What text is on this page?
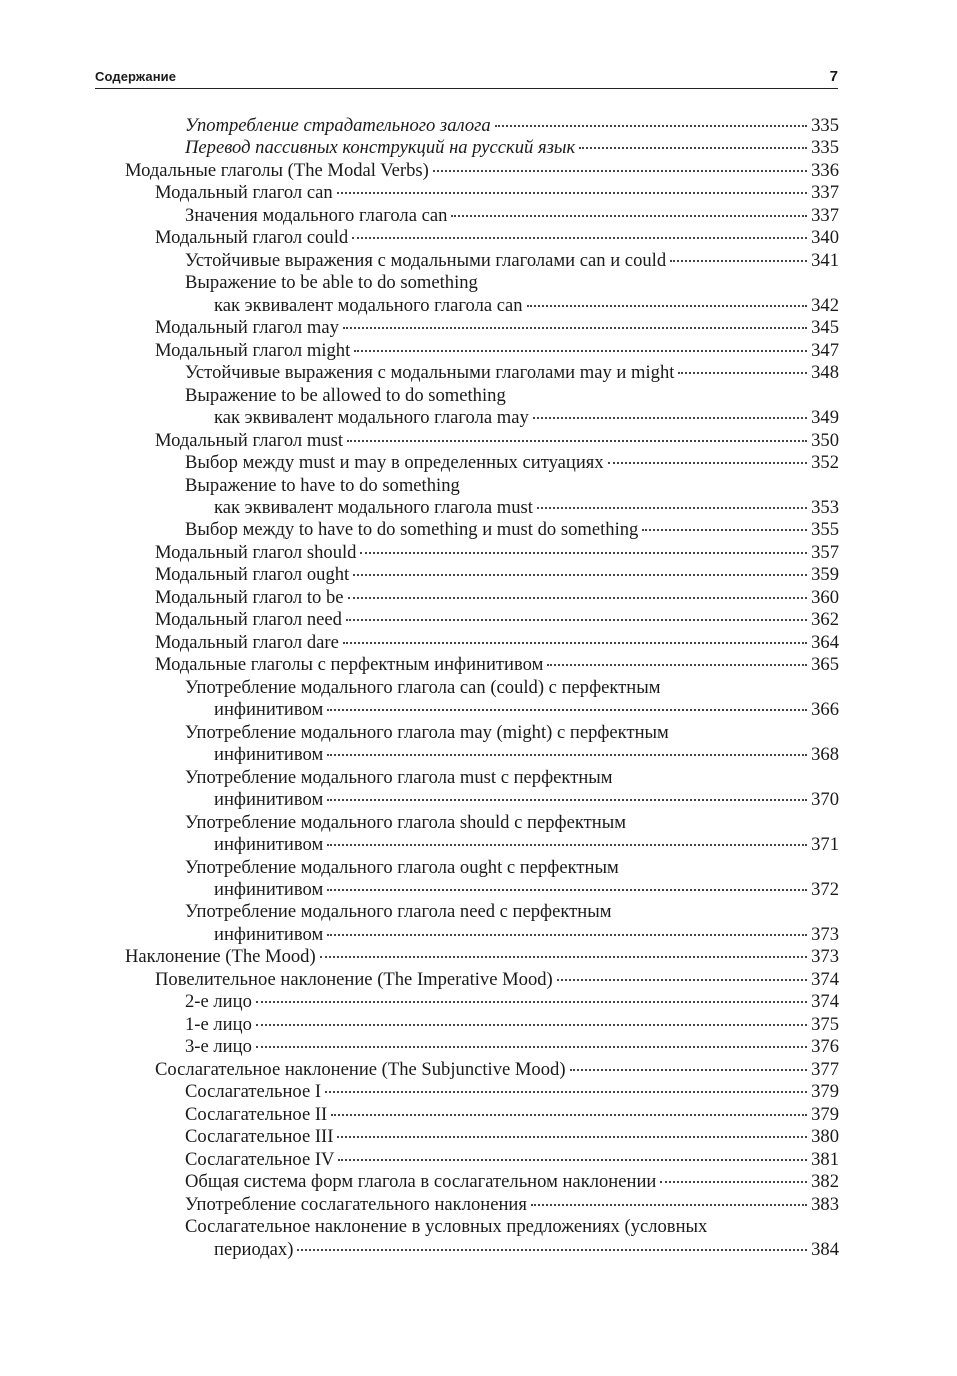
Содержание	7
Употребление страдательного залога	335
Перевод пассивных конструкций на русский язык	335
Модальные глаголы (The Modal Verbs)	336
Модальный глагол can	337
Значения модального глагола can	337
Модальный глагол could	340
Устойчивые выражения с модальными глаголами can и could	341
Выражение to be able to do something
как эквивалент модального глагола can	342
Модальный глагол may	345
Модальный глагол might	347
Устойчивые выражения с модальными глаголами may и might	348
Выражение to be allowed to do something
как эквивалент модального глагола may	349
Модальный глагол must	350
Выбор между must и may в определенных ситуациях	352
Выражение to have to do something
как эквивалент модального глагола must	353
Выбор между to have to do something и must do something	355
Модальный глагол should	357
Модальный глагол ought	359
Модальный глагол to be	360
Модальный глагол need	362
Модальный глагол dare	364
Модальные глаголы с перфектным инфинитивом	365
Употребление модального глагола can (could) с перфектным
инфинитивом	366
Употребление модального глагола may (might) с перфектным
инфинитивом	368
Употребление модального глагола must с перфектным
инфинитивом	370
Употребление модального глагола should с перфектным
инфинитивом	371
Употребление модального глагола ought с перфектным
инфинитивом	372
Употребление модального глагола need с перфектным
инфинитивом	373
Наклонение (The Mood)	373
Повелительное наклонение (The Imperative Mood)	374
2-е лицо	374
1-е лицо	375
3-е лицо	376
Сослагательное наклонение (The Subjunctive Mood)	377
Сослагательное I	379
Сослагательное II	379
Сослагательное III	380
Сослагательное IV	381
Общая система форм глагола в сослагательном наклонении	382
Употребление сослагательного наклонения	383
Сослагательное наклонение в условных предложениях (условных
периодах)	384
